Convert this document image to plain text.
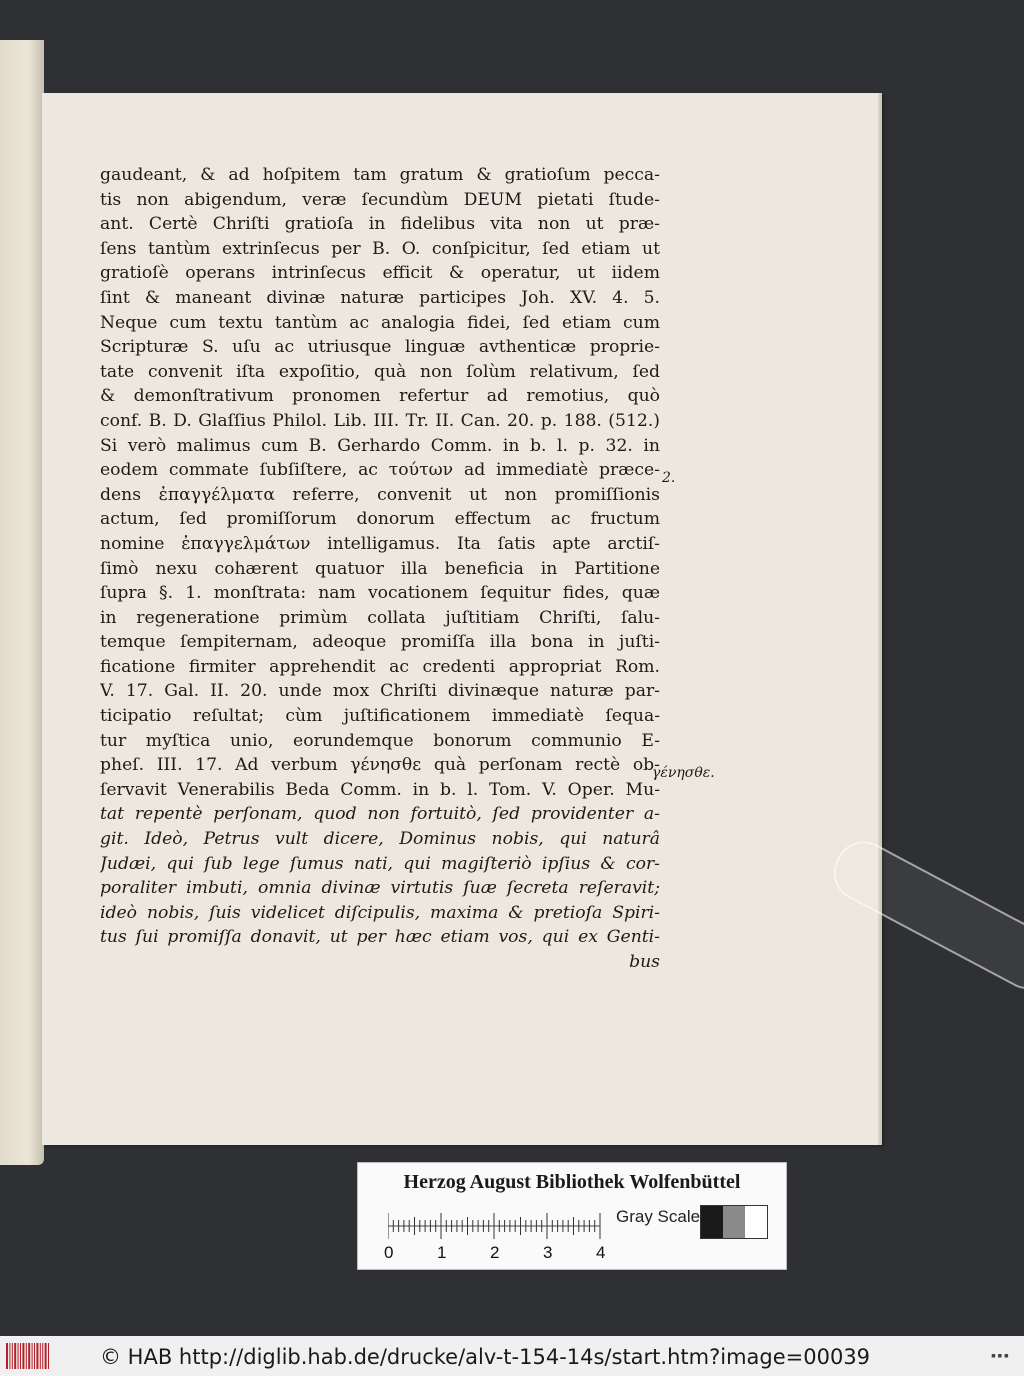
gaudeant, & ad hoſpitem tam gratum & gratioſum pecca-
tis non abigendum, veræ ſecundùm DEUM pietati ſtude-
ant. Certè Chriſti gratioſa in fidelibus vita non ut præ-
ſens tantùm extrinſecus per B. O. conſpicitur, ſed etiam ut
gratioſè operans intrinſecus efficit & operatur, ut iidem
ſint & maneant divinæ naturæ participes Joh. XV. 4. 5.
Neque cum textu tantùm ac analogia fidei, ſed etiam cum
Scripturæ S. uſu ac utriusque linguæ avthenticæ proprie-
tate convenit iſta expoſitio, quà non ſolùm relativum, ſed
& demonſtrativum pronomen refertur ad remotius, quò
conf. B. D. Glaſſius Philol. Lib. III. Tr. II. Can. 20. p. 188. (512.)
Si verò malimus cum B. Gerhardo Comm. in b. l. p. 32. in
eodem commate ſubſiſtere, ac τούτων ad immediatè præce-
dens ἐπαγγέλματα referre, convenit ut non promiſſionis
actum, ſed promiſſorum donorum effectum ac fructum
nomine ἐπαγγελμάτων intelligamus. Ita ſatis apte arctiſ-
ſimò nexu cohærent quatuor illa beneficia in Partitione
ſupra §. 1. monſtrata: nam vocationem ſequitur fides, quæ
in regeneratione primùm collata juſtitiam Chriſti, ſalu-
temque ſempiternam, adeoque promiſſa illa bona in juſti-
ficatione firmiter apprehendit ac credenti appropriat Rom.
V. 17. Gal. II. 20. unde mox Chriſti divinæque naturæ par-
ticipatio reſultat; cùm juſtificationem immediatè ſequa-
tur myſtica unio, eorundemque bonorum communio E-
pheſ. III. 17. Ad verbum γένησθε quà perſonam rectè ob-
ſervavit Venerabilis Beda Comm. in b. l. Tom. V. Oper. Mu-
tat repentè perſonam, quod non fortuitò, ſed providenter a-
git. Ideò, Petrus vult dicere, Dominus nobis, qui naturâ
Judæi, qui ſub lege ſumus nati, qui magiſteriò ipſius & cor-
poraliter imbuti, omnia divinæ virtutis ſuæ ſecreta reſeravit;
ideò nobis, ſuis videlicet diſcipulis, maxima & pretioſa Spiri-
tus ſui promiſſa donavit, ut per hæc etiam vos, qui ex Genti-
bus
2.
γένησθε.
Herzog August Bibliothek Wolfenbüttel
0	1	2	3	4
Gray Scale
© HAB http://diglib.hab.de/drucke/alv-t-154-14s/start.htm?image=00039	▪▪▪
